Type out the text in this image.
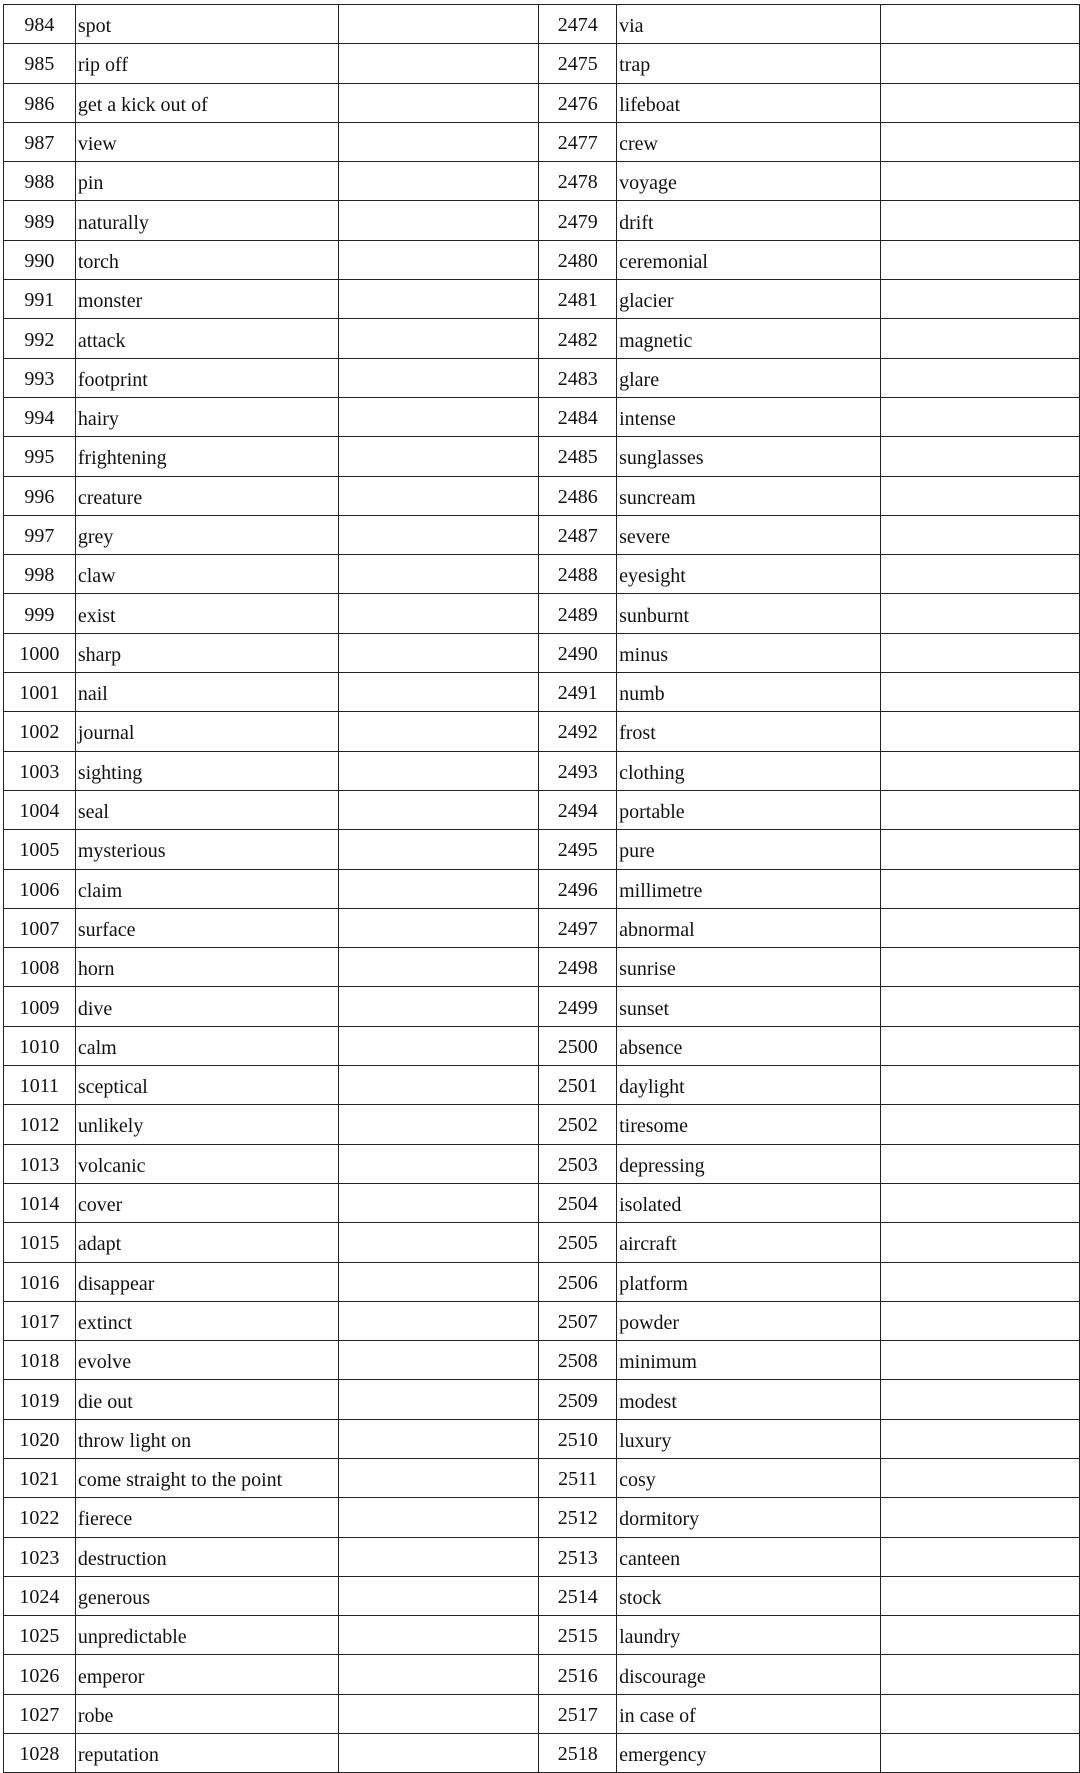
984	spot		2474	via	
985	rip off		2475	trap	
986	get a kick out of		2476	lifeboat	
987	view		2477	crew	
988	pin		2478	voyage	
989	naturally		2479	drift	
990	torch		2480	ceremonial	
991	monster		2481	glacier	
992	attack		2482	magnetic	
993	footprint		2483	glare	
994	hairy		2484	intense	
995	frightening		2485	sunglasses	
996	creature		2486	suncream	
997	grey		2487	severe	
998	claw		2488	eyesight	
999	exist		2489	sunburnt	
1000	sharp		2490	minus	
1001	nail		2491	numb	
1002	journal		2492	frost	
1003	sighting		2493	clothing	
1004	seal		2494	portable	
1005	mysterious		2495	pure	
1006	claim		2496	millimetre	
1007	surface		2497	abnormal	
1008	horn		2498	sunrise	
1009	dive		2499	sunset	
1010	calm		2500	absence	
1011	sceptical		2501	daylight	
1012	unlikely		2502	tiresome	
1013	volcanic		2503	depressing	
1014	cover		2504	isolated	
1015	adapt		2505	aircraft	
1016	disappear		2506	platform	
1017	extinct		2507	powder	
1018	evolve		2508	minimum	
1019	die out		2509	modest	
1020	throw light on		2510	luxury	
1021	come straight to the point		2511	cosy	
1022	fierece		2512	dormitory	
1023	destruction		2513	canteen	
1024	generous		2514	stock	
1025	unpredictable		2515	laundry	
1026	emperor		2516	discourage	
1027	robe		2517	in case of	
1028	reputation		2518	emergency	
